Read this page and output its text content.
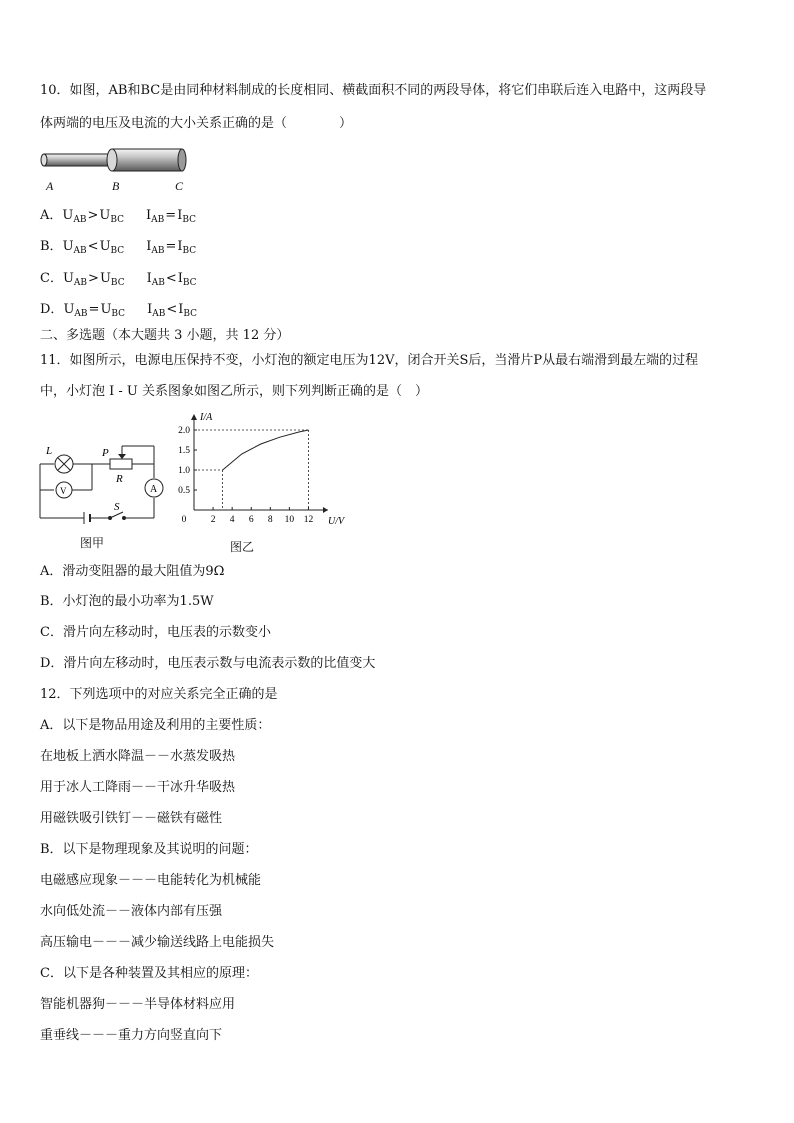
10．如图，AB和BC是由同种材料制成的长度相同、横截面积不同的两段导体，将它们串联后连入电路中，这两段导
体两端的电压及电流的大小关系正确的是（　　　　）
A	B	C
A．$U_{AB}>U_{BC}$ $I_{AB}=I_{BC}$
B．$U_{AB}<U_{BC}$ $I_{AB}=I_{BC}$
C．$U_{AB}>U_{BC}$ $I_{AB}<I_{BC}$
D．$U_{AB}=U_{BC}$ $I_{AB}<I_{BC}$
二、多选题（本大题共 3 小题，共 12 分）
11．如图所示，电源电压保持不变，小灯泡的额定电压为12V，闭合开关S后，当滑片P从最右端滑到最左端的过程
中，小灯泡 I - U 关系图象如图乙所示，则下列判断正确的是（　）
V	A
L	P
R
S
图甲
I/A
U/V
0	2 4 6 8 10 12
0.5
1.0
1.5
2.0
图乙
A．滑动变阻器的最大阻值为9Ω
B．小灯泡的最小功率为1.5W
C．滑片向左移动时，电压表的示数变小
D．滑片向左移动时，电压表示数与电流表示数的比值变大
12．下列选项中的对应关系完全正确的是
A．以下是物品用途及利用的主要性质：
在地板上洒水降温－－水蒸发吸热
用于冰人工降雨－－干冰升华吸热
用磁铁吸引铁钉－－磁铁有磁性
B．以下是物理现象及其说明的问题：
电磁感应现象－－－电能转化为机械能
水向低处流－－液体内部有压强
高压输电－－－减少输送线路上电能损失
C．以下是各种装置及其相应的原理：
智能机器狗－－－半导体材料应用
重垂线－－－重力方向竖直向下
